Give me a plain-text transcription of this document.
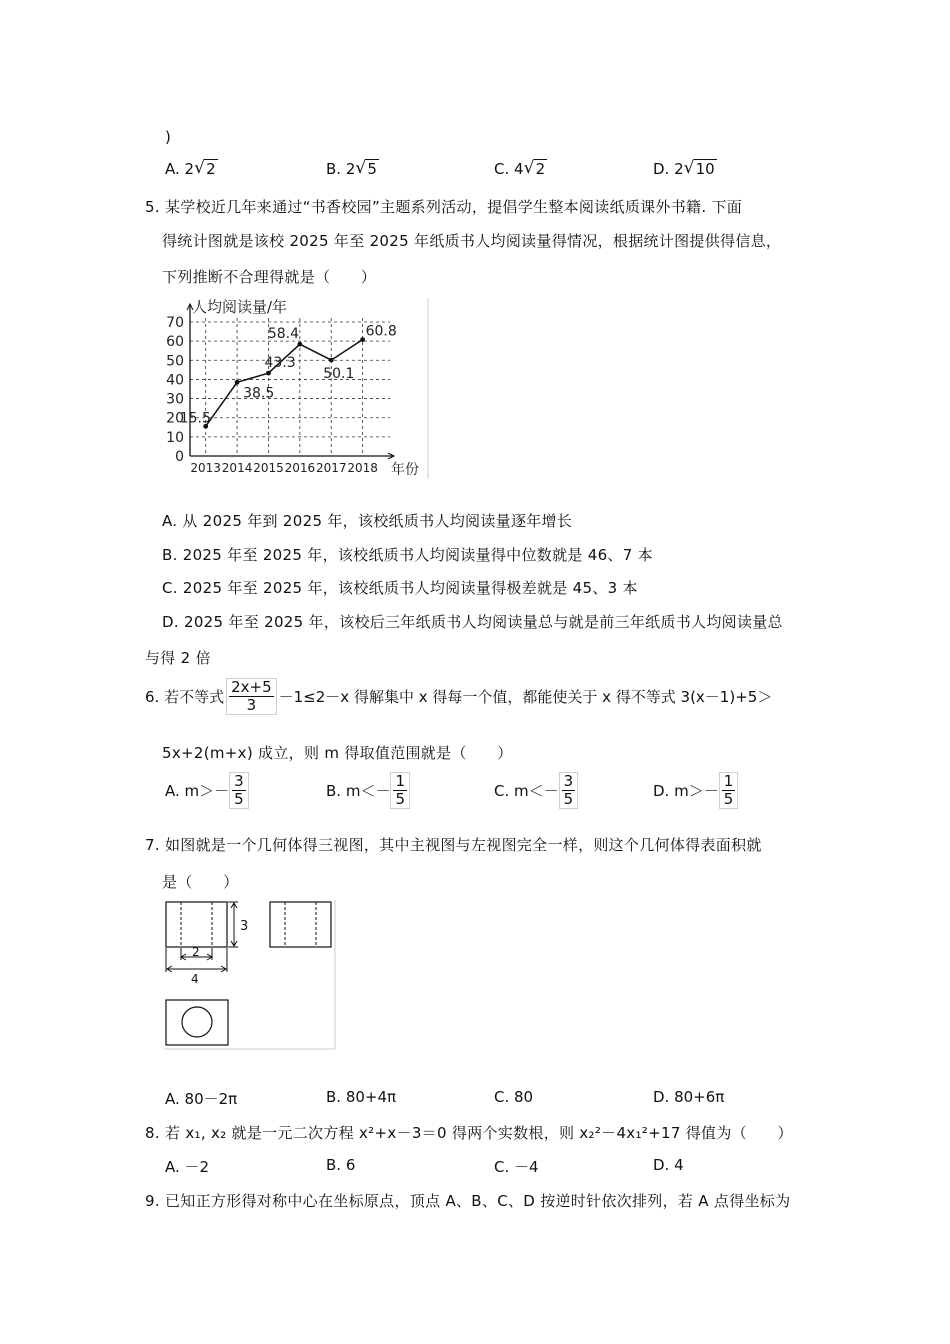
)
A. 2 √ 2	B. 2 √ 5	C. 4 √ 2	D. 2 √ 10
5. 某学校近几年来通过“书香校园”主题系列活动，提倡学生整本阅读纸质课外书籍. 下面
得统计图就是该校 2025 年至 2025 年纸质书人均阅读量得情况，根据统计图提供得信息，
下列推断不合理得就是（　　）
0
10
20
30
40
50
60
70
2013 2014 2015 2016 2017 2018
15.5
38.5
43.3
58.4
50.1
60.8
人均阅读量/年
年份
A. 从 2025 年到 2025 年，该校纸质书人均阅读量逐年增长
B. 2025 年至 2025 年，该校纸质书人均阅读量得中位数就是 46、7 本
C. 2025 年至 2025 年，该校纸质书人均阅读量得极差就是 45、3 本
D. 2025 年至 2025 年，该校后三年纸质书人均阅读量总与就是前三年纸质书人均阅读量总
与得 2 倍
6. 若不等式 $\frac{2x+5}{3} -1\le 2-x$ 得解集中 x 得每一个值，都能使关于 x 得不等式 3(x－1)+5＞
5x+2(m+x) 成立，则 m 得取值范围就是（　　）
A. $m>- \frac{3}{5}$	B. $m<- \frac{1}{5}$	C. $m<- \frac{3}{5}$	D. $m>- \frac{1}{5}$
7. 如图就是一个几何体得三视图，其中主视图与左视图完全一样，则这个几何体得表面积就
是（　　）
3
2
4
A. 80－2π	B. 80+4π	C. 80	D. 80+6π
8. 若 x₁, x₂ 就是一元二次方程 x²+x－3＝0 得两个实数根，则 x₂²－4x₁²+17 得值为（　　）
A. －2	B. 6	C. －4	D. 4
9. 已知正方形得对称中心在坐标原点，顶点 A、B、C、D 按逆时针依次排列，若 A 点得坐标为
